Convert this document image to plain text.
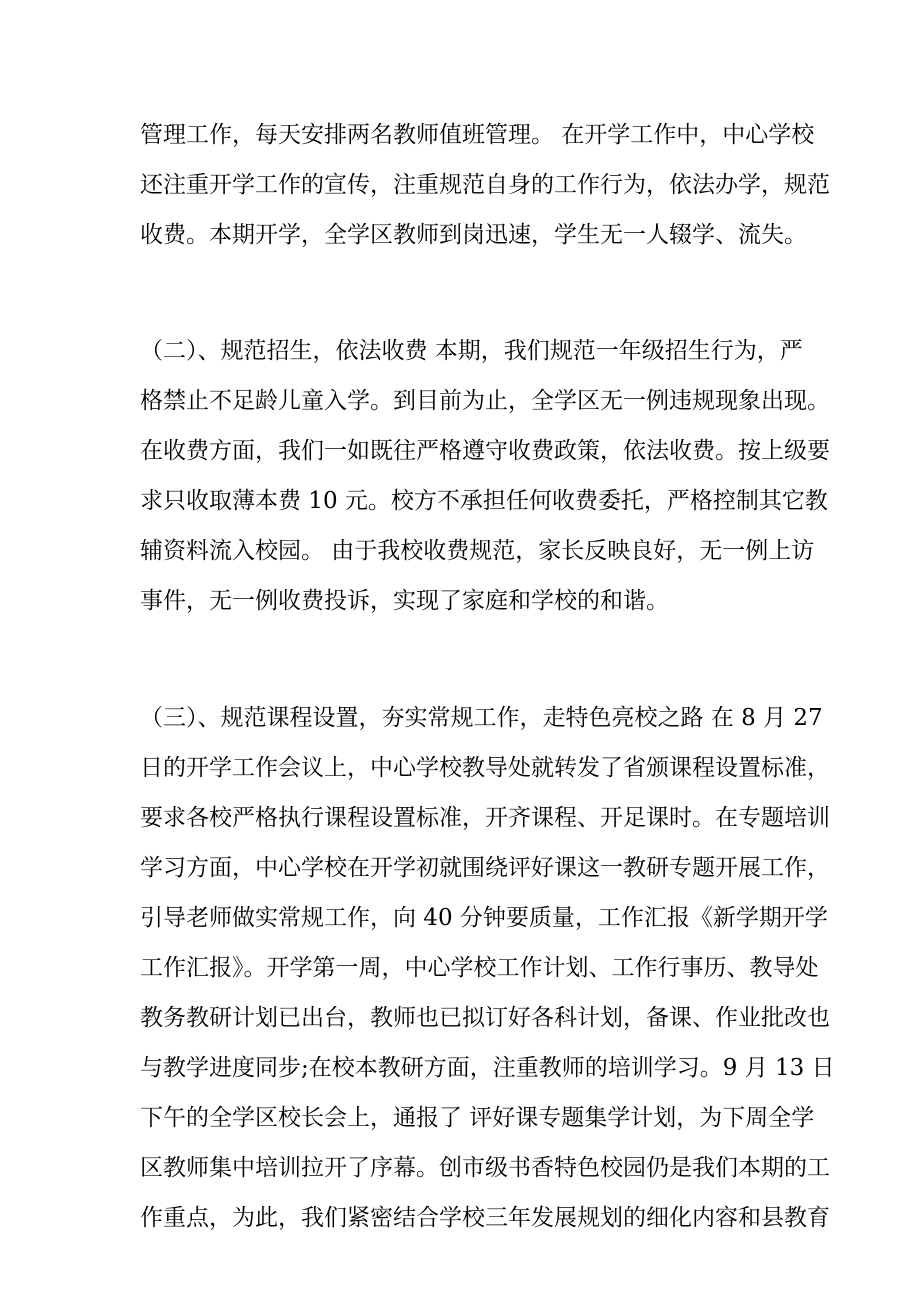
管理工作，每天安排两名教师值班管理。 在开学工作中，中心学校
还注重开学工作的宣传，注重规范自身的工作行为，依法办学，规范
收费。本期开学，全学区教师到岗迅速，学生无一人辍学、流失。
（二）、规范招生，依法收费 本期，我们规范一年级招生行为，严
格禁止不足龄儿童入学。到目前为止，全学区无一例违规现象出现。
在收费方面，我们一如既往严格遵守收费政策，依法收费。按上级要
求只收取薄本费 10 元。校方不承担任何收费委托，严格控制其它教
辅资料流入校园。 由于我校收费规范，家长反映良好，无一例上访
事件，无一例收费投诉，实现了家庭和学校的和谐。
（三）、规范课程设置，夯实常规工作，走特色亮校之路 在 8 月 27
日的开学工作会议上，中心学校教导处就转发了省颁课程设置标准，
要求各校严格执行课程设置标准，开齐课程、开足课时。在专题培训
学习方面，中心学校在开学初就围绕评好课这一教研专题开展工作，
引导老师做实常规工作，向 40 分钟要质量，工作汇报《新学期开学
工作汇报》。开学第一周，中心学校工作计划、工作行事历、教导处
教务教研计划已出台，教师也已拟订好各科计划，备课、作业批改也
与教学进度同步;在校本教研方面，注重教师的培训学习。9 月 13 日
下午的全学区校长会上，通报了 评好课专题集学计划，为下周全学
区教师集中培训拉开了序幕。创市级书香特色校园仍是我们本期的工
作重点，为此，我们紧密结合学校三年发展规划的细化内容和县教育
